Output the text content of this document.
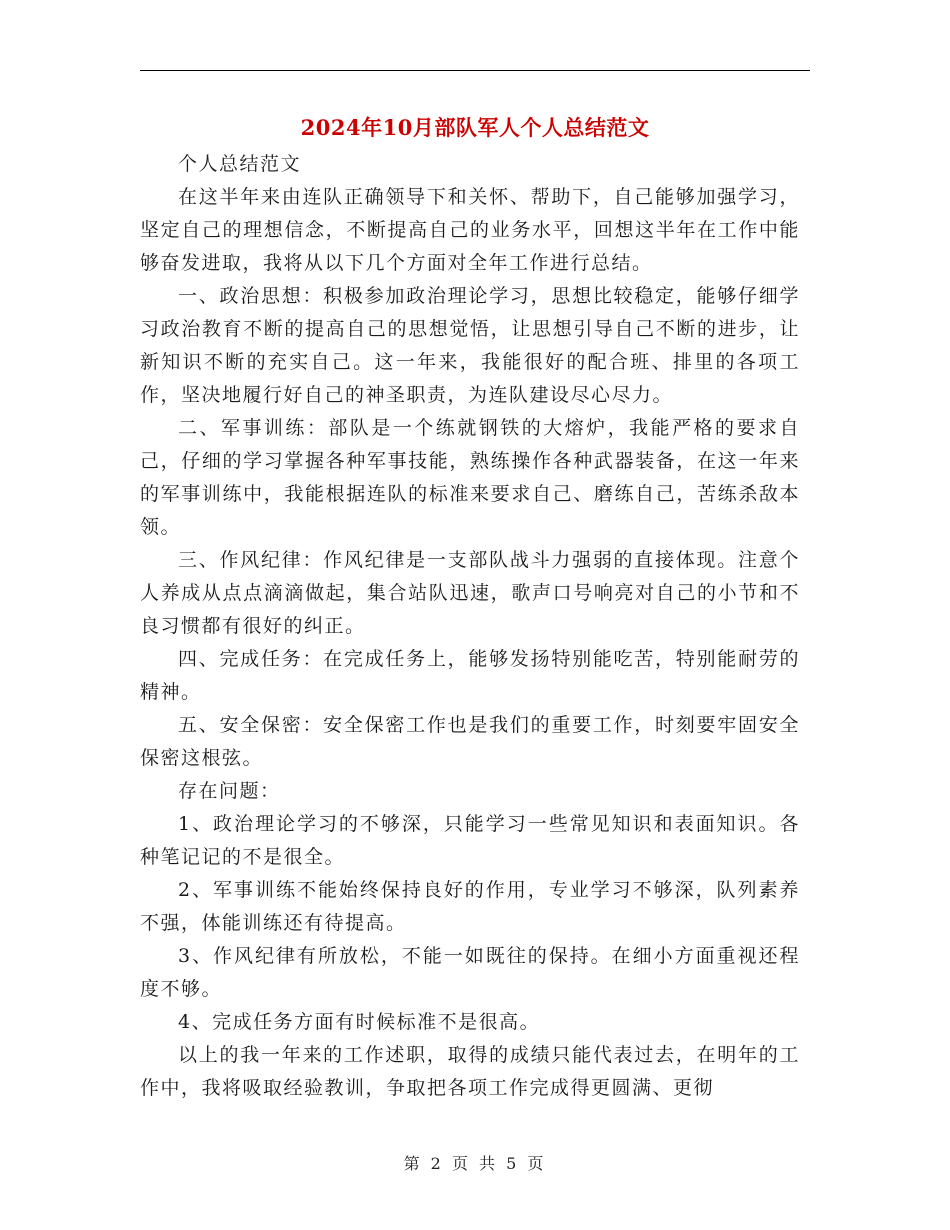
2024年10月部队军人个人总结范文

个人总结范文

在这半年来由连队正确领导下和关怀、帮助下，自己能够加强学习，坚定自己的理想信念，不断提高自己的业务水平，回想这半年在工作中能够奋发进取，我将从以下几个方面对全年工作进行总结。

一、政治思想：积极参加政治理论学习，思想比较稳定，能够仔细学习政治教育不断的提高自己的思想觉悟，让思想引导自己不断的进步，让新知识不断的充实自己。这一年来，我能很好的配合班、排里的各项工作，坚决地履行好自己的神圣职责，为连队建设尽心尽力。

二、军事训练：部队是一个练就钢铁的大熔炉，我能严格的要求自己，仔细的学习掌握各种军事技能，熟练操作各种武器装备，在这一年来的军事训练中，我能根据连队的标准来要求自己、磨练自己，苦练杀敌本领。

三、作风纪律：作风纪律是一支部队战斗力强弱的直接体现。注意个人养成从点点滴滴做起，集合站队迅速，歌声口号响亮对自己的小节和不良习惯都有很好的纠正。

四、完成任务：在完成任务上，能够发扬特别能吃苦，特别能耐劳的精神。

五、安全保密：安全保密工作也是我们的重要工作，时刻要牢固安全保密这根弦。

存在问题：

1、政治理论学习的不够深，只能学习一些常见知识和表面知识。各种笔记记的不是很全。

2、军事训练不能始终保持良好的作用，专业学习不够深，队列素养不强，体能训练还有待提高。

3、作风纪律有所放松，不能一如既往的保持。在细小方面重视还程度不够。

4、完成任务方面有时候标准不是很高。

以上的我一年来的工作述职，取得的成绩只能代表过去，在明年的工作中，我将吸取经验教训，争取把各项工作完成得更圆满、更彻

第 2 页 共 5 页
